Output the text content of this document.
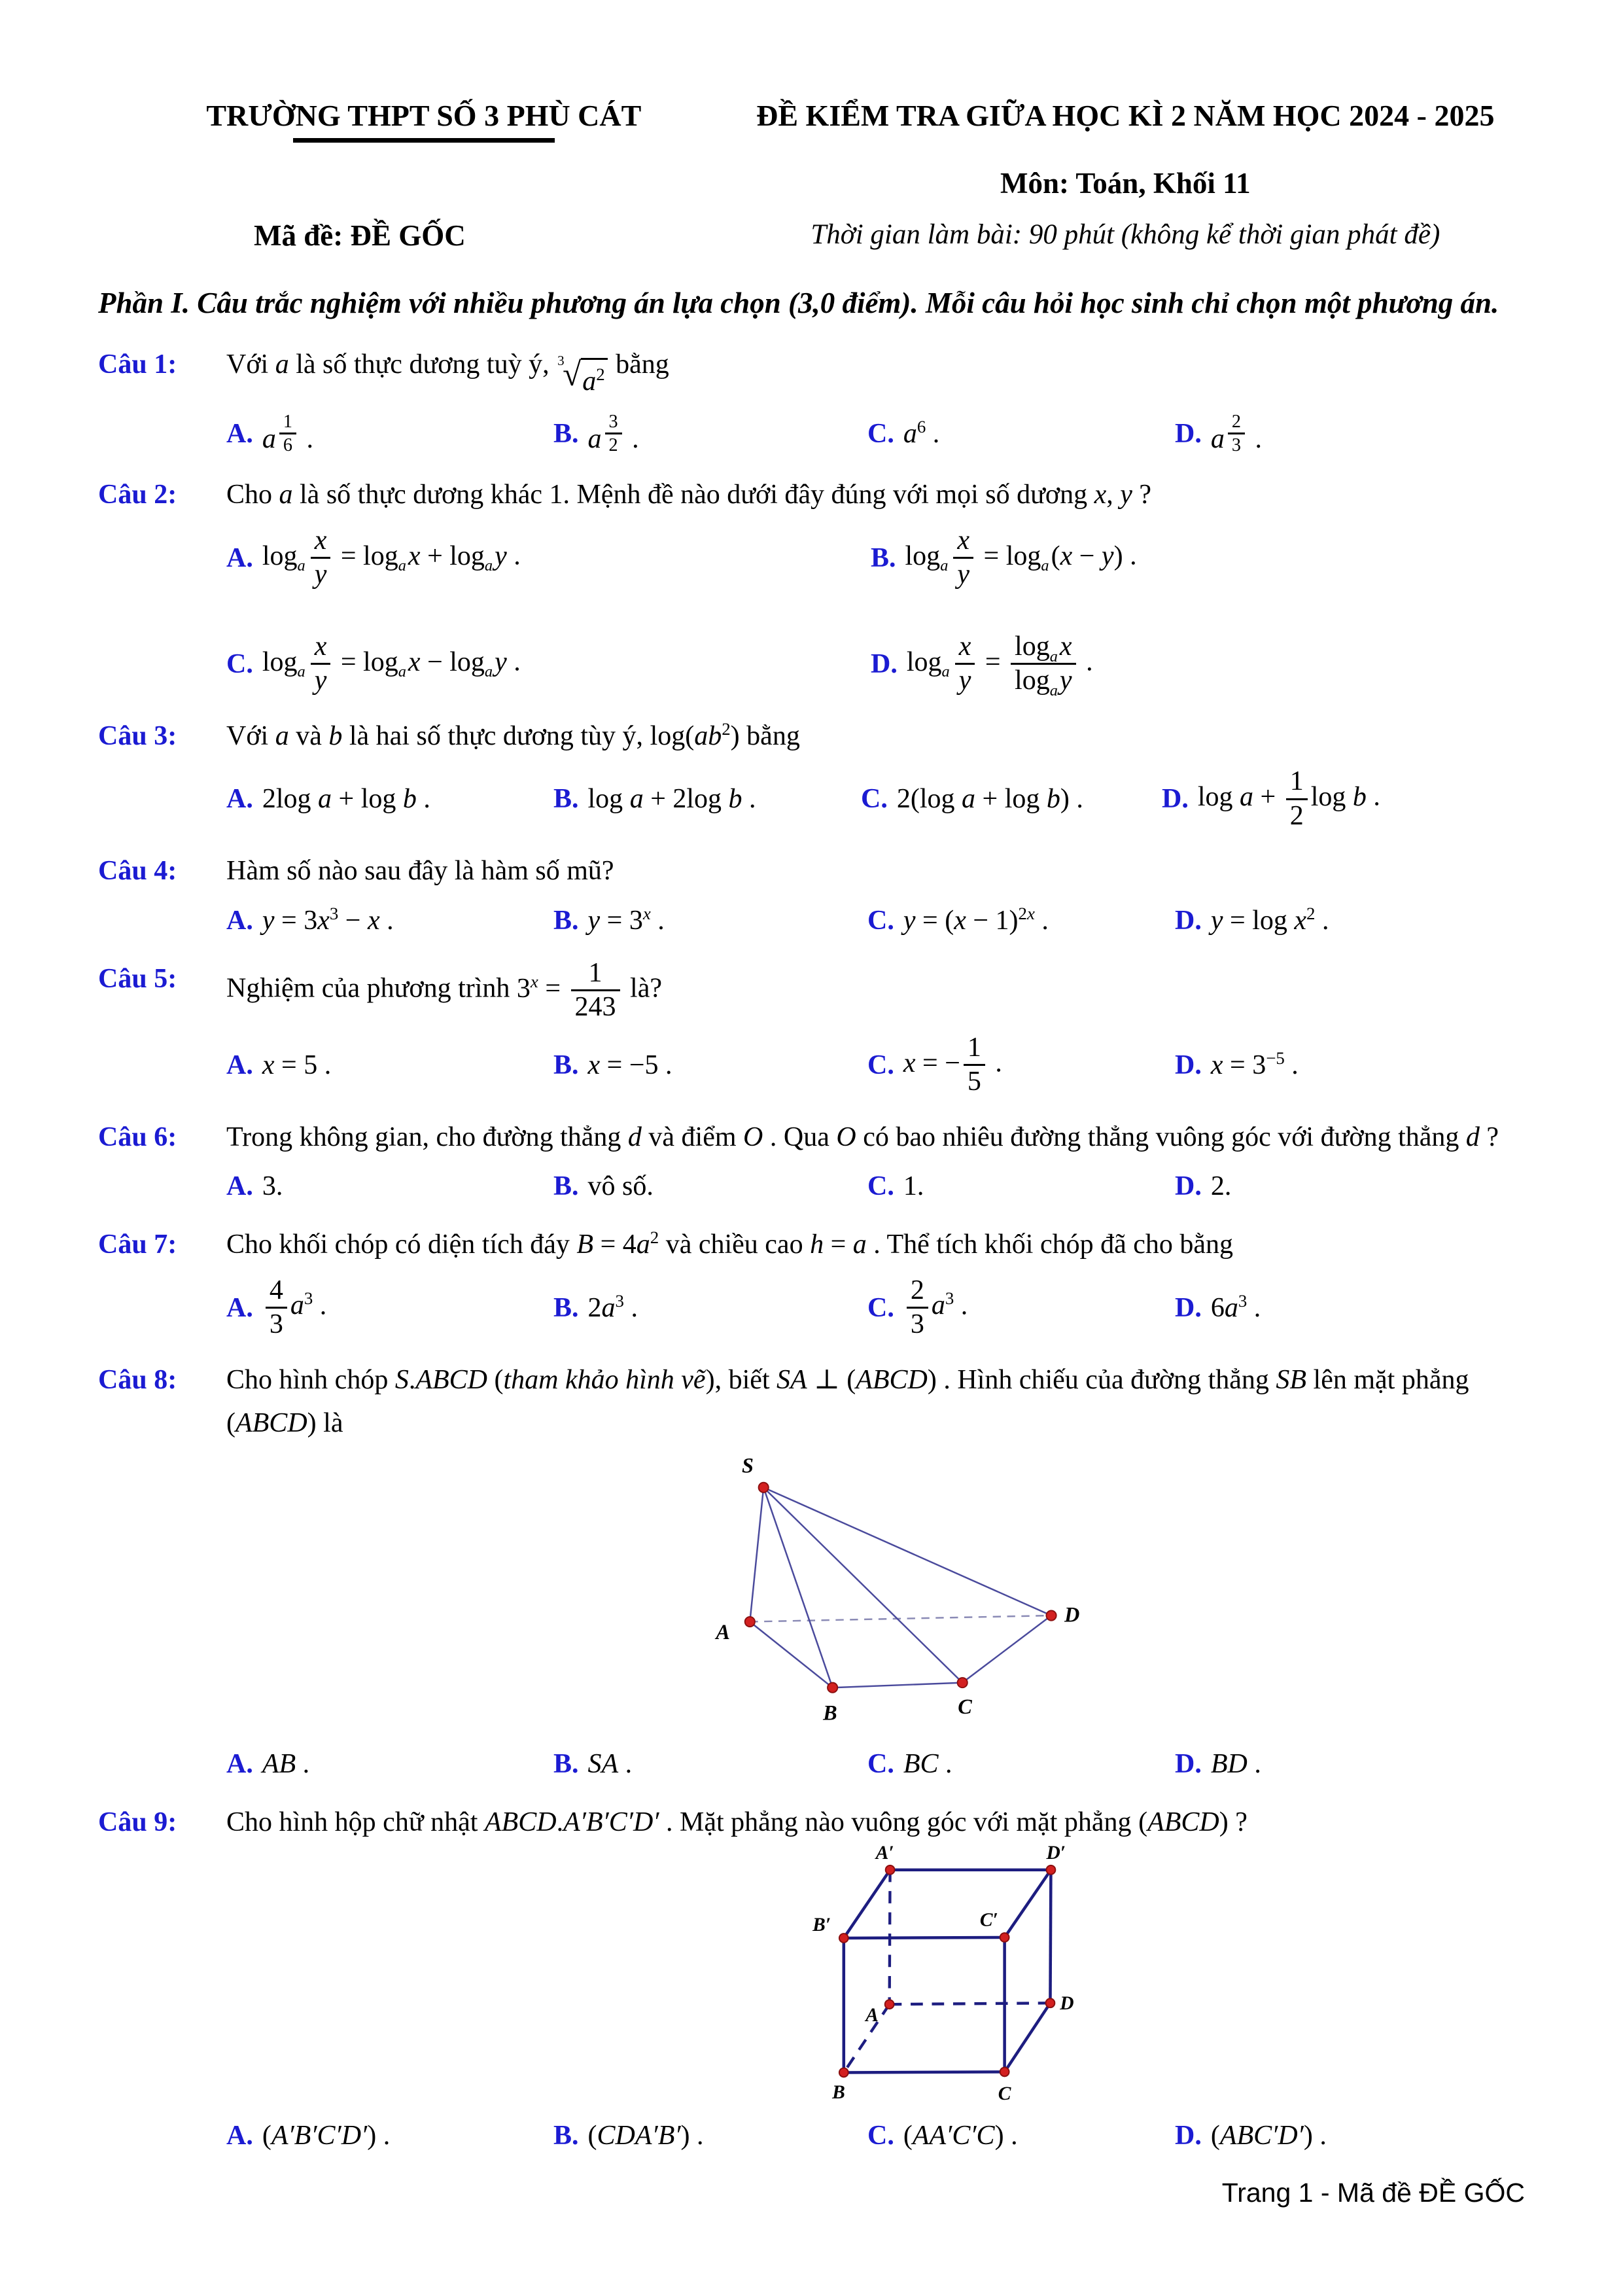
TRƯỜNG THPT SỐ 3 PHÙ CÁT	ĐỀ KIỂM TRA GIỮA HỌC KÌ 2 NĂM HỌC 2024 - 2025
Môn: Toán, Khối 11
Mã đề: ĐỀ GỐC	Thời gian làm bài: 90 phút (không kể thời gian phát đề)
Phần I. Câu trắc nghiệm với nhiều phương án lựa chọn (3,0 điểm). Mỗi câu hỏi học sinh chỉ chọn một phương án.
Câu 1:	Với a là số thực dương tuỳ ý, 3
√ $a^2$ bằng
A. a $^{\frac{1}{6}}$ .	B. a $^{\frac{3}{2}}$ .	C. $a^6$ .	D. a $^{\frac{2}{3}}$ .
Câu 2:	Cho a là số thực dương khác 1. Mệnh đề nào dưới đây đúng với mọi số dương x, y ?
A. $\log_a \frac{x}{y} = \log_ax + \log_ay$ .	B. $\log_a \frac{x}{y} = \log_a(x - y)$ .
C. $\log_a \frac{x}{y} = \log_ax - \log_ay$ .	D. $\log_a \frac{x}{y} = \frac{\log_ax}{\log_ay}$ .
Câu 3:	Với a và b là hai số thực dương tùy ý, $\log(ab^2)$ bằng
A. 2log a + log b .	B. log a + 2log b .	C. 2(log a + log b) .	D. $\log a + \frac{1}{2}$ log b .
Câu 4:	Hàm số nào sau đây là hàm số mũ?
A. $y = 3x^3 - x$ .	B. $y = 3^x$ .	C. $y = (x - 1)^{2x}$ .	D. $y = \log x^2$ .
Câu 5:	Nghiệm của phương trình $3^x = \frac{1}{243}$ là?
A. x = 5 .	B. x = −5 .	C. x = − $\frac{1}{5}$ .	D. $x = 3^{-5}$ .
Câu 6:	Trong không gian, cho đường thẳng d và điểm O . Qua O có bao nhiêu đường thẳng vuông góc với đường thẳng d ?
A. 3.	B. vô số.	C. 1.	D. 2.
Câu 7:	Cho khối chóp có diện tích đáy $B = 4a^2$ và chiều cao h = a . Thể tích khối chóp đã cho bằng
A. $\frac{4}{3} a^3$ .	B. $2a^3$ .	C. $\frac{2}{3} a^3$ .	D. $6a^3$ .
Câu 8:	Cho hình chóp S.ABCD (tham khảo hình vẽ), biết SA ⊥ (ABCD) . Hình chiếu của đường thẳng SB lên mặt phẳng (ABCD) là
S
A
B	C
D
A. AB .	B. SA .	C. BC .	D. BD .
Câu 9:	Cho hình hộp chữ nhật ABCD.A′B′C′D′ . Mặt phẳng nào vuông góc với mặt phẳng (ABCD) ?
A′	D′
B′	C′
A
D
B	C
A. (A′B′C′D′) .	B. (CDA′B′) .	C. (AA′C′C) .	D. (ABC′D′) .
Trang 1 - Mã đề ĐỀ GỐC
